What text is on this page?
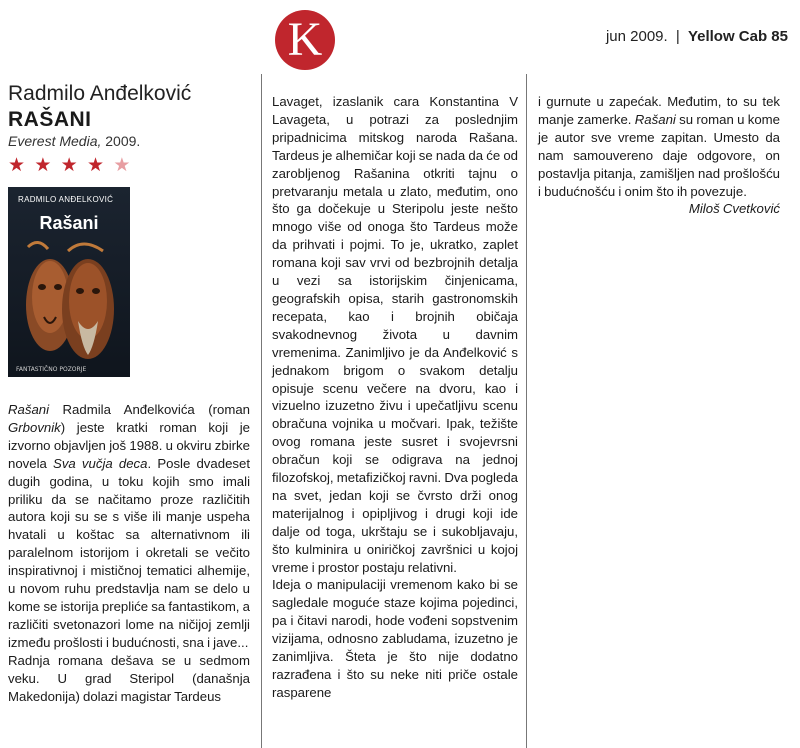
K	jun 2009. | Yellow Cab 85
Radmilo Anđelković
RAŠANI
Everest Media, 2009.
★ ★ ★ ★ ★
RADMILO ANĐELKOVIĆ
Rašani
FANTASTIČNO POZORJE

Rašani Radmila Anđelkovića (roman Grbovnik) jeste kratki roman koji je izvorno objavljen još 1988. u okviru zbirke novela Sva vučja deca. Posle dvadeset dugih godina, u toku kojih smo imali priliku da se načitamo proze različitih autora koji su se s više ili manje uspeha hvatali u koštac sa alternativnom ili paralelnom istorijom i okretali se večito inspirativnoj i mističnoj tematici alhemije, u novom ruhu predstavlja nam se delo u kome se istorija prepliće sa fantastikom, a različiti svetonazori lome na ničijoj zemlji između prošlosti i budućnosti, sna i jave...

Radnja romana dešava se u sedmom veku. U grad Steripol (današnja Makedonija) dolazi magistar Tardeus

Lavaget, izaslanik cara Konstantina V Lavageta, u potrazi za poslednjim pripadnicima mitskog naroda Rašana. Tardeus je alhemičar koji se nada da će od zarobljenog Rašanina otkriti tajnu o pretvaranju metala u zlato, međutim, ono što ga dočekuje u Steripolu jeste nešto mnogo više od onoga što Tardeus može da prihvati i pojmi. To je, ukratko, zaplet romana koji sav vrvi od bezbrojnih detalja u vezi sa istorijskim činjenicama, geografskih opisa, starih gastronomskih recepata, kao i brojnih običaja svakodnevnog života u davnim vremenima. Zanimljivo je da Anđelković s jednakom brigom o svakom detalju opisuje scenu večere na dvoru, kao i vizuelno izuzetno živu i upečatljivu scenu obračuna vojnika u močvari. Ipak, težište ovog romana jeste susret i svojevrsni obračun koji se odigrava na jednoj filozofskoj, metafizičkoj ravni. Dva pogleda na svet, jedan koji se čvrsto drži onog materijalnog i opipljivog i drugi koji ide dalje od toga, ukrštaju se i sukobljavaju, što kulminira u oniričkoj završnici u kojoj vreme i prostor postaju relativni.

Ideja o manipulaciji vremenom kako bi se sagledale moguće staze kojima pojedinci, pa i čitavi narodi, hode vođeni sopstvenim vizijama, odnosno zabludama, izuzetno je zanimljiva. Šteta je što nije dodatno razrađena i što su neke niti priče ostale rasparene

i gurnute u zapećak. Međutim, to su tek manje zamerke. Rašani su roman u kome je autor sve vreme zapitan. Umesto da nam samouvereno daje odgovore, on postavlja pitanja, zamišljen nad prošlošću i budućnošću i onim što ih povezuje.

Miloš Cvetković
